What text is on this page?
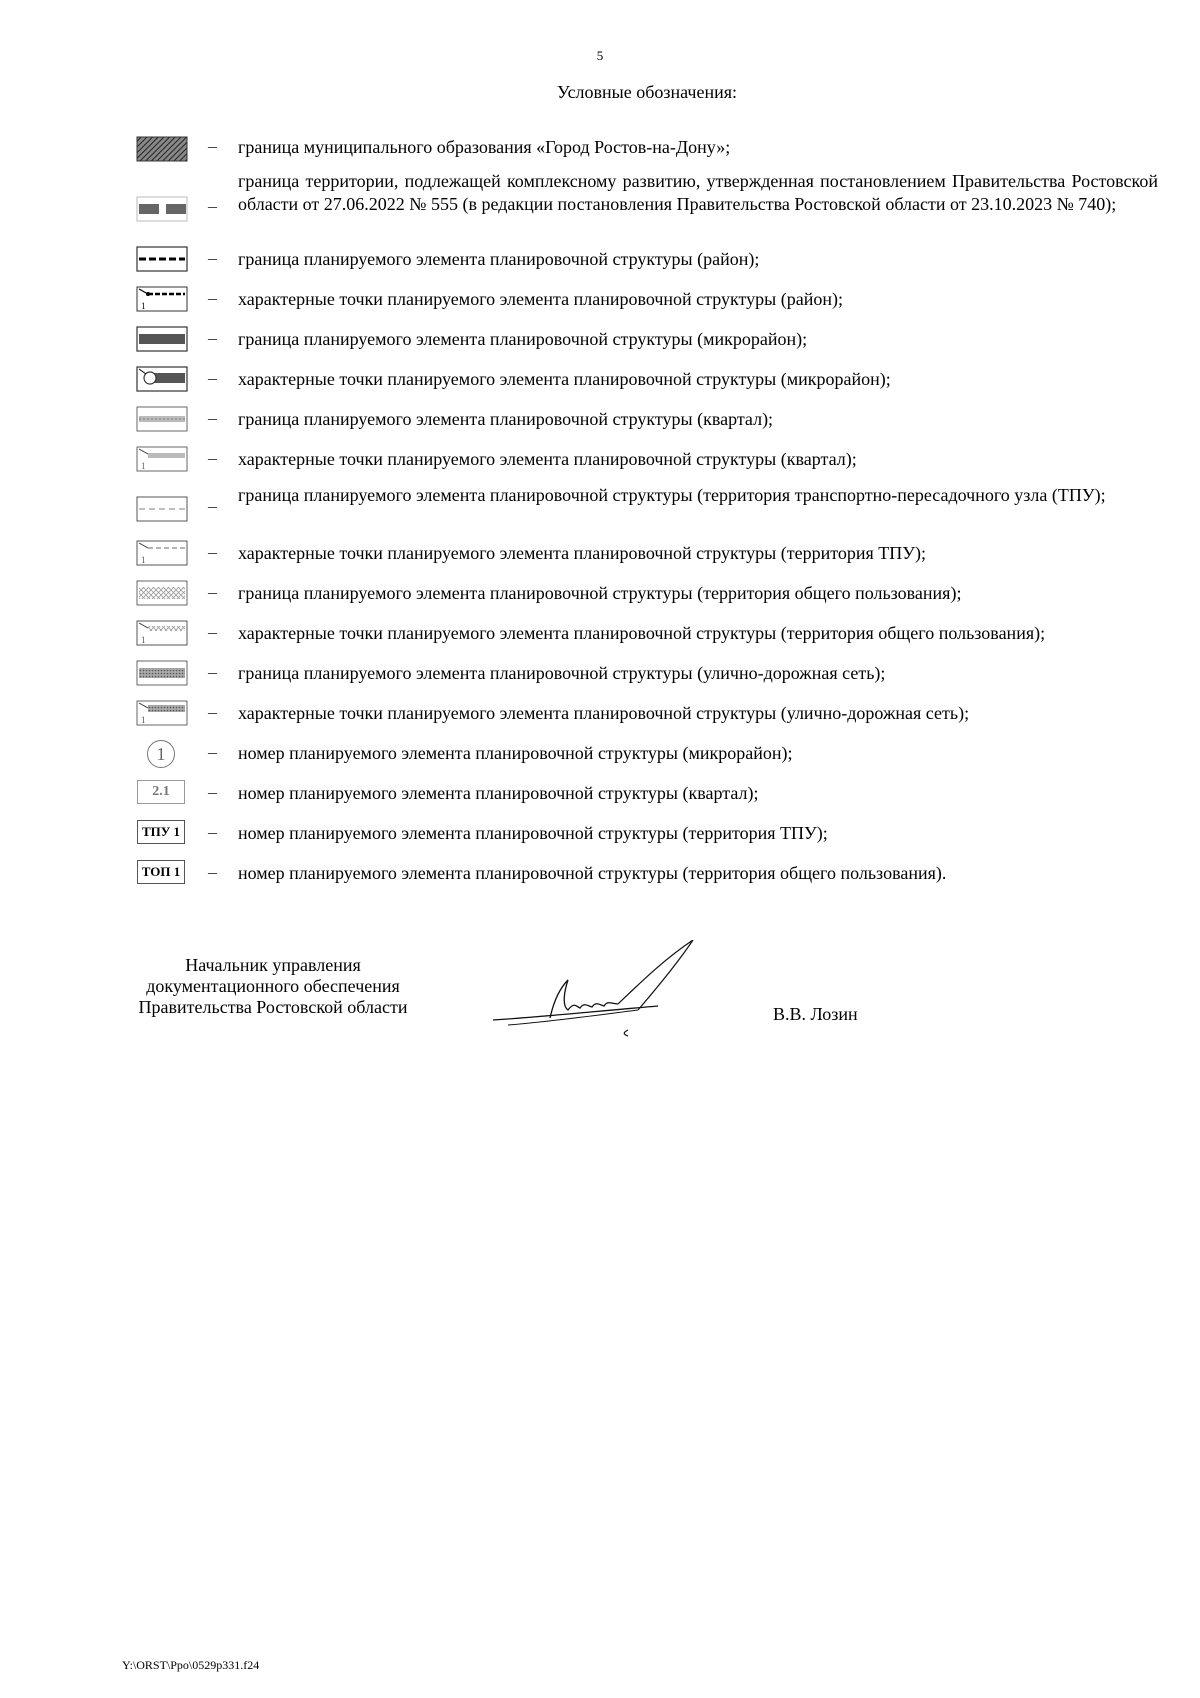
5
Условные обозначения:
– граница муниципального образования «Город Ростов-на-Дону»;
–
граница территории, подлежащей комплексному развитию, утвержденная постановлением Правительства Ростовской области от 27.06.2022 № 555 (в редакции постановления Правительства Ростовской области от 23.10.2023 № 740);
– граница планируемого элемента планировочной структуры (район);
1	– характерные точки планируемого элемента планировочной структуры (район);
– граница планируемого элемента планировочной структуры (микрорайон);
– характерные точки планируемого элемента планировочной структуры (микрорайон);
– граница планируемого элемента планировочной структуры (квартал);
1	– характерные точки планируемого элемента планировочной структуры (квартал);
–
граница планируемого элемента планировочной структуры (территория транспортно-пересадочного узла (ТПУ);
1	– характерные точки планируемого элемента планировочной структуры (территория ТПУ);
– граница планируемого элемента планировочной структуры (территория общего пользования);
1	– характерные точки планируемого элемента планировочной структуры (территория общего пользования);
– граница планируемого элемента планировочной структуры (улично-дорожная сеть);
1	– характерные точки планируемого элемента планировочной структуры (улично-дорожная сеть);
1	– номер планируемого элемента планировочной структуры (микрорайон);
2.1	– номер планируемого элемента планировочной структуры (квартал);
ТПУ 1 – номер планируемого элемента планировочной структуры (территория ТПУ);
ТОП 1 – номер планируемого элемента планировочной структуры (территория общего пользования).
Начальник управления
документационного обеспечения
Правительства Ростовской области	В.В. Лозин
Y:\ORST\Ppo\0529p331.f24
